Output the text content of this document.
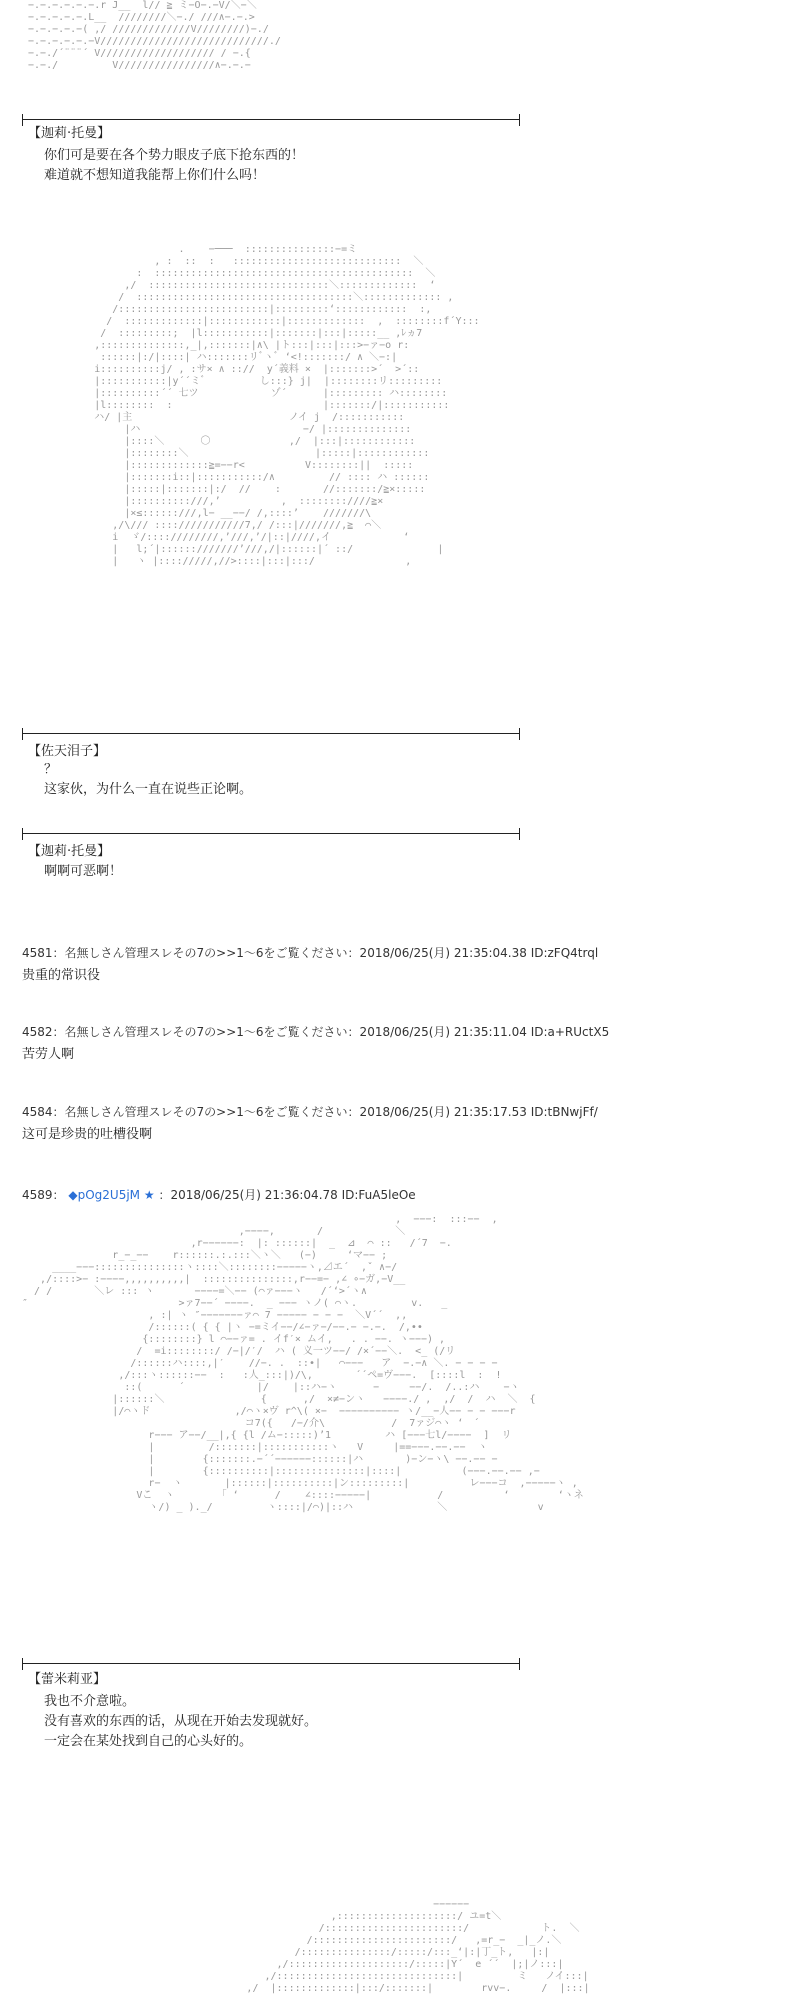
−.−.−.−.−.−.r J__  l// ≧ ミ−O−.−V/＼−＼
−.−.−.−.−.L__  ////////＼−./ ///∧−.−.>
−.−.−.−.−( ,/ /////////////V////////)−./
−.−.−.−.−.−V////////////////////////////./
−.−./´¨¨¨´ V/////////////////// / −.{
−.−./         V////////////////∧−.−.−
【迦莉·托曼】
你们可是要在各个势力眼皮子底下抢东西的！
难道就不想知道我能帮上你们什么吗！
.    −───  :::::::::::::::−=ミ
, :  ::  :   ::::::::::::::::::::::::::::  ＼
:  :::::::::::::::::::::::::::::::::::::::::::  ＼
,/  ::::::::::::::::::::::::::::::＼:::::::::::::  ‘
/  ::::::::::::::::::::::::::::::::::::＼::::::::::::: ,
/:::::::::::::::::::::::::|:::::::::‘::::::::::::  :,
/  :::::::::::::|::::::::::::|:::::::::::::  ,  ::::::::f´Y:::
/  :::::::::;  |l:::::::::::|:::::::|:::|:::::__ ,ﾚヵ7
,::::::::::::::,_|,:::::::|∧\ |ト:::|:::|:::>−ァ−ο r:
::::::|:/|::::| ハ:::::::リﾞヽﾞ ‘<!:::::::/ ∧ ＼−:|
i::::::::::j/ , :サ× ∧ :://  y´義料 ×  |:::::::>´  >´::
|:::::::::::|y´´ミﾞ         し:::} j|  |::::::::リ:::::::::
|::::::::::´´ 七ツ            ゾ´      |::::::::: ハ::::::::
|l::::::::  :                         |:::::::/|:::::::::::
ハ/ |主                          ノイ j  /:::::::::::
|ハ                           −/ |::::::::::::::
|::::＼      〇             ,/  |:::|::::::::::::
|::::::::＼                     |:::::|::::::::::::
|:::::::::::::≧=−−r<          V::::::::||  :::::
|:::::::i::|:::::::::::/∧         // :::: ハ ::::::
|:::::|:::::::|:/  //    :       //:::::::/≧×:::::
|::::::::::///,’          ,  ::::::::////≧×
|×≤::::::///,l− __−−/ /,::::’    ///////\
,/\/// ::::///////////7,/ /:::|///////,≧  ⌒＼
i  ゞ/::::////////,’///,’/|::|////,イ            ‘
|   l;´|::::::///////’///,/|::::::|´ ::/              |
|   ヽ |:::://///,//>::::|:::|:::/               ,

【佐天泪子】
？
这家伙，为什么一直在说些正论啊。
【迦莉·托曼】
啊啊可恶啊！
4581：名無しさん管理スレその7の>>1〜6をご覧ください：2018/06/25(月) 21:35:04.38 ID:zFQ4trql
贵重的常识役
4582：名無しさん管理スレその7の>>1〜6をご覧ください：2018/06/25(月) 21:35:11.04 ID:a+RUctX5
苦劳人啊
4584：名無しさん管理スレその7の>>1〜6をご覧ください：2018/06/25(月) 21:35:17.53 ID:tBNwjFf/
这可是珍贵的吐槽役啊
4589： ◆pOg2U5jM ★ ：2018/06/25(月) 21:36:04.78 ID:FuA5leOe
,  −−−:  :::−−  ,
,−−−−,       /            ＼
,r−−−−−−:  |: ::::::|  _  ⊿  ⌒ ::   /´7  −.
r_−_−−    r::::::.:.:::＼ヽ＼   (−)     ‘マ−− ;
____−−−:::::::::::::::ヽ::::＼::::::::−−−−−ヽ,⊿エ´  ,ˇ ∧−/
,/::::>− :−−−−,,,,,,,,,,|  :::::::::::::::,r−−=− ,∠ ∘−ガ,−V__
/ /       ＼レ ::: ヽ　     −−−−=＼−− (⌒ァ−−−ヽ   /´‘>´ヽ∧
″                         >ァ7−−´ −−−−.  _ −−− ヽノ( ⌒ヽ.         v.   _
, :| ヽ ″−−−−−−−ァ⌒ 7 −−−−− − − −  ＼V´´  ,,
/::::::( { { |ヽ −=ミイ−−/∠−ァ−/−−.− −.−.  /,∙∙
{::::::::} l ⌒−−ァ= . イf′× ムイ,   . . −−. ヽ−−−) ,
/  =i::::::::/ /−|/′/  ハ ( 义一ツ−−/ /×´−−＼.  <_ (/リ
/::::::ハ::::,|′    //−. .  ::•|   ⌒−−−   ア  −.−∧ ＼. − − − −
,/:::ヽ::::::−−  :   :人_:::|)/\,       ´´ペ=ヴ−−−.  [::::l  :  !
::(      ´            |/    |::ハ−ヽ      −     −−/.  /..:ハ    −ヽ
|::::::＼                {      ,/  ×≠−ンヽ   −−−−./ ,  ,/  /  ハ  ＼  {
|/⌒ヽド              ,/⌒ヽ×ヴ r^\( ×−  −−−−−−−−−− ヽ/__−人−− − − −−−r
コ7({   /−/介\           /  7ァジ⌒ヽ ‘　´
r−−− ア−−/__|,{ {l /ム−:::::)’1         ハ [−−−七l/−−−−  ]  リ
|         /:::::::|:::::::::::ヽ   V     |==−−−.−−.−−  ヽ
|        {:::::::.−´´−−−−−−::::::|ハ       )−ン−ヽ\ −−.−− −
|        {::::::::::|:::::::::::::::|::::|          (−−−.−−.−− ,−
r−  ヽ       |::::::|::::::::::|ン:::::::::|          レ−−−コ  ,−−−−−ヽ ,
Vこ  ヽ       「 ‘      /    ∠::::−−−−−|           /          ‘        ‘ヽネ
ヽ/) _ )._/         ヽ::::|/⌒)|::ハ              ＼               v
【蕾米莉亚】
我也不介意啦。
没有喜欢的东西的话，从现在开始去发现就好。
一定会在某处找到自己的心头好的。
−−−−−−
,::::::::::::::::::::/ ユ=t＼
/:::::::::::::::::::::::/            ト.  ＼
/:::::::::::::::::::::::/   ,=r_−  _|_ノ.＼
/:::::::::::::::/:::::/:::_‘|:|丁_ト,   |:|
,/::::::::::::::::::::/:::::|Y´  e ´´  |;|ノ:::|
,/::::::::::::::::::::::::::::::|         ミ   ノイ:::|
,/  |:::::::::::::|:::/:::::::|        rvv−.     /  |:::|
